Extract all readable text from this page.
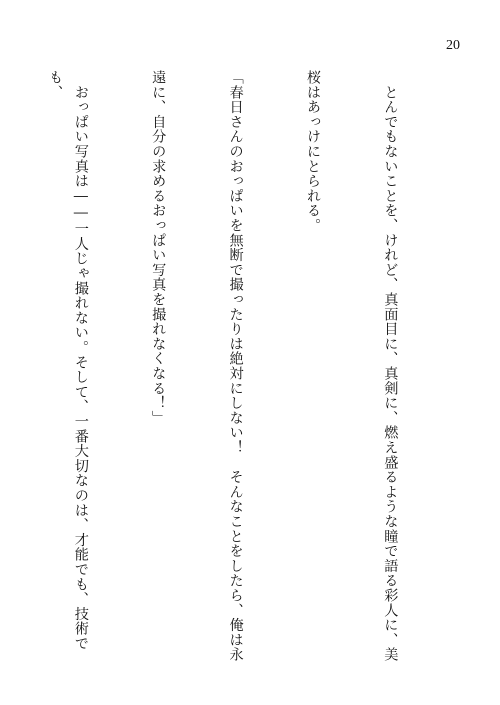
20

　とんでもないことを、けれど、真面目に、真剣に、燃え盛るような瞳で語る彩人に、美

桜はあっけにとられる。

「春日さんのおっぱいを無断で撮ったりは絶対にしない！　そんなことをしたら、俺は永

遠に、自分の求めるおっぱい写真を撮れなくなる！」

　おっぱい写真は――一人じゃ撮れない。そして、一番大切なのは、才能でも、技術でも、
